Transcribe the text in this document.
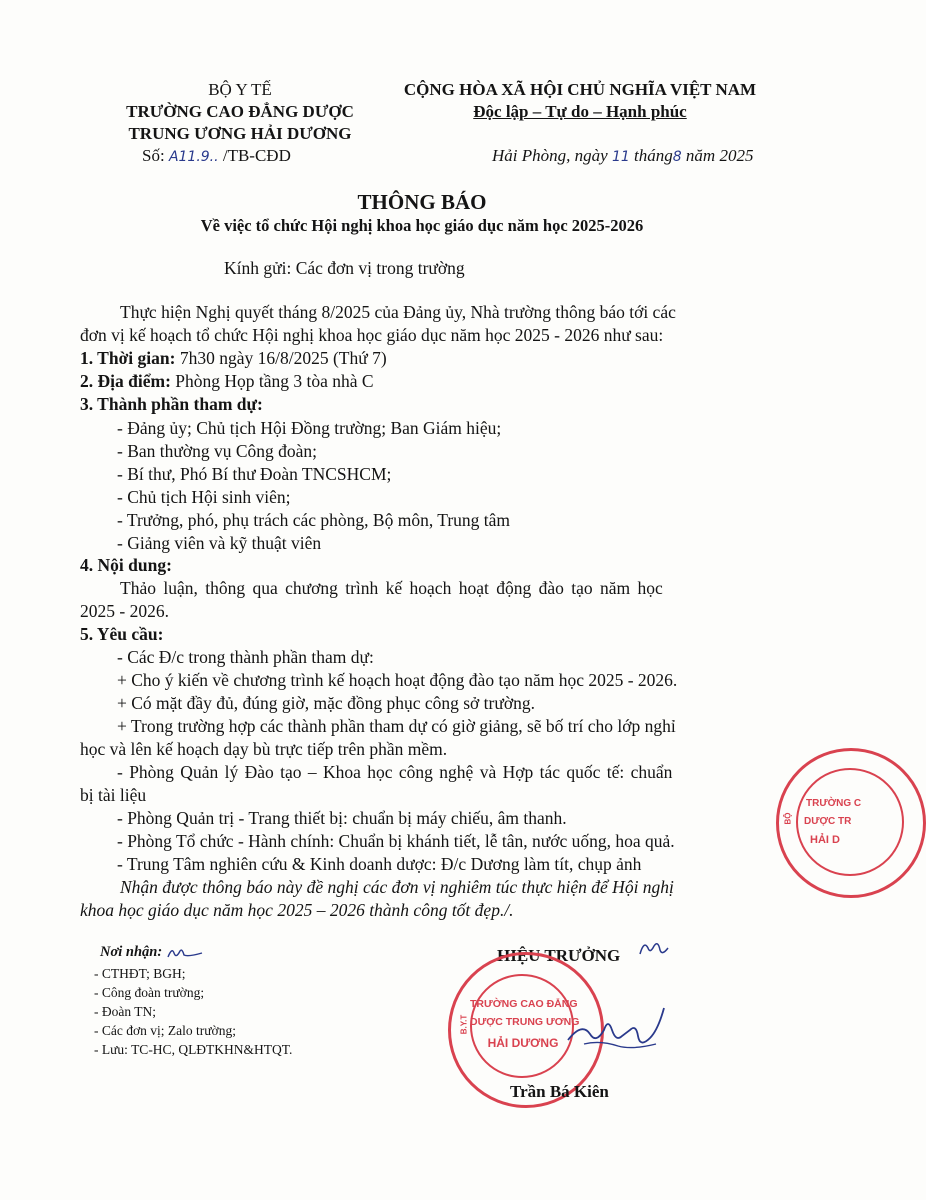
BỘ Y TẾ
TRƯỜNG CAO ĐẲNG DƯỢC
TRUNG ƯƠNG HẢI DƯƠNG
Số: A11.9.. /TB-CĐD
CỘNG HÒA XÃ HỘI CHỦ NGHĨA VIỆT NAM
Độc lập – Tự do – Hạnh phúc
Hải Phòng, ngày 11 tháng8 năm 2025
THÔNG BÁO
Về việc tổ chức Hội nghị khoa học giáo dục năm học 2025-2026
Kính gửi: Các đơn vị trong trường
Thực hiện Nghị quyết tháng 8/2025 của Đảng ủy, Nhà trường thông báo tới các
đơn vị kế hoạch tổ chức Hội nghị khoa học giáo dục năm học 2025 - 2026 như sau:
1. Thời gian: 7h30 ngày 16/8/2025 (Thứ 7)
2. Địa điểm: Phòng Họp tầng 3 tòa nhà C
3. Thành phần tham dự:
- Đảng ủy; Chủ tịch Hội Đồng trường; Ban Giám hiệu;
- Ban thường vụ Công đoàn;
- Bí thư, Phó Bí thư Đoàn TNCSHCM;
- Chủ tịch Hội sinh viên;
- Trưởng, phó, phụ trách các phòng, Bộ môn, Trung tâm
- Giảng viên và kỹ thuật viên
4. Nội dung:
Thảo luận, thông qua chương trình kế hoạch hoạt động đào tạo năm học
2025 - 2026.
5. Yêu cầu:
- Các Đ/c trong thành phần tham dự:
+ Cho ý kiến về chương trình kế hoạch hoạt động đào tạo năm học 2025 - 2026.
+ Có mặt đầy đủ, đúng giờ, mặc đồng phục công sở trường.
+ Trong trường hợp các thành phần tham dự có giờ giảng, sẽ bố trí cho lớp nghỉ
học và lên kế hoạch dạy bù trực tiếp trên phần mềm.
- Phòng Quản lý Đào tạo – Khoa học công nghệ và Hợp tác quốc tế: chuẩn
bị tài liệu
- Phòng Quản trị - Trang thiết bị: chuẩn bị máy chiếu, âm thanh.
- Phòng Tổ chức - Hành chính: Chuẩn bị khánh tiết, lễ tân, nước uống, hoa quả.
- Trung Tâm nghiên cứu & Kinh doanh dược: Đ/c Dương làm tít, chụp ảnh
Nhận được thông báo này đề nghị các đơn vị nghiêm túc thực hiện để Hội nghị
khoa học giáo dục năm học 2025 – 2026 thành công tốt đẹp./.
Nơi nhận:
- CTHĐT; BGH;
- Công đoàn trường;
- Đoàn TN;
- Các đơn vị; Zalo trường;
- Lưu: TC-HC, QLĐTKHN&HTQT.
HIỆU TRƯỞNG
TRƯỜNG CAO ĐẲNG
DƯỢC TRUNG ƯƠNG
HẢI DƯƠNG
B.Y.T
Trần Bá Kiên
TRƯỜNG C
DƯỢC TR
HẢI D
BỘ
